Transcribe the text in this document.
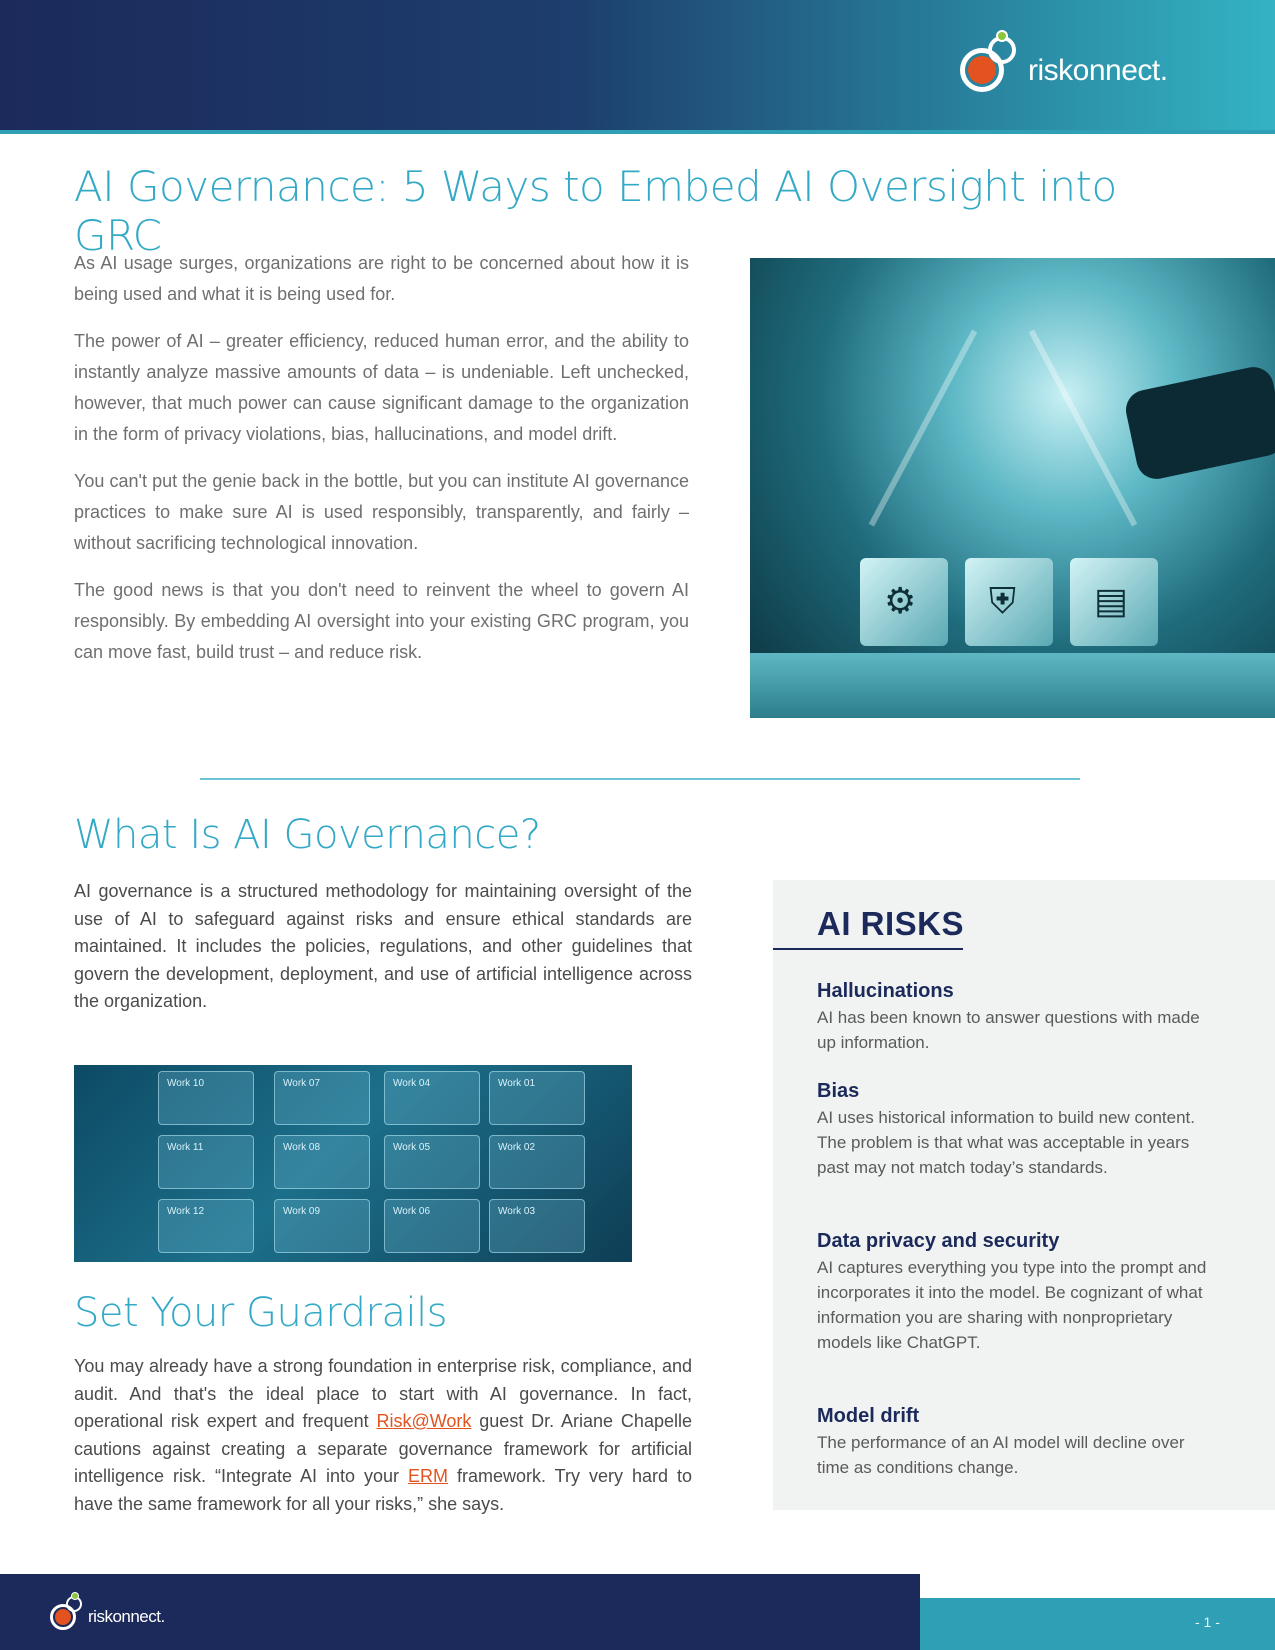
riskonnect.
AI Governance: 5 Ways to Embed AI Oversight into GRC

As AI usage surges, organizations are right to be concerned about how it is being used and what it is being used for.

The power of AI – greater efficiency, reduced human error, and the ability to instantly analyze massive amounts of data – is undeniable. Left unchecked, however, that much power can cause significant damage to the organization in the form of privacy violations, bias, hallucinations, and model drift.

You can't put the genie back in the bottle, but you can institute AI governance practices to make sure AI is used responsibly, transparently, and fairly – without sacrificing technological innovation.

The good news is that you don't need to reinvent the wheel to govern AI responsibly. By embedding AI oversight into your existing GRC program, you can move fast, build trust – and reduce risk.

⚙ ⛨ ▤
What Is AI Governance?

AI governance is a structured methodology for maintaining oversight of the use of AI to safeguard against risks and ensure ethical standards are maintained. It includes the policies, regulations, and other guidelines that govern the development, deployment, and use of artificial intelligence across the organization.

Work 10	Work 07	Work 04	Work 01
Work 11	Work 08	Work 05	Work 02
Work 12	Work 09	Work 06	Work 03
Set Your Guardrails

You may already have a strong foundation in enterprise risk, compliance, and audit. And that's the ideal place to start with AI governance. In fact, operational risk expert and frequent Risk@Work guest Dr. Ariane Chapelle cautions against creating a separate governance framework for artificial intelligence risk. “Integrate AI into your ERM framework. Try very hard to have the same framework for all your risks,” she says.

AI RISKS
Hallucinations
AI has been known to answer questions with made up information.
Bias
AI uses historical information to build new content. The problem is that what was acceptable in years past may not match today’s standards.
Data privacy and security
AI captures everything you type into the prompt and incorporates it into the model. Be cognizant of what information you are sharing with nonproprietary models like ChatGPT.
Model drift
The performance of an AI model will decline over time as conditions change.
riskonnect.	- 1 -
